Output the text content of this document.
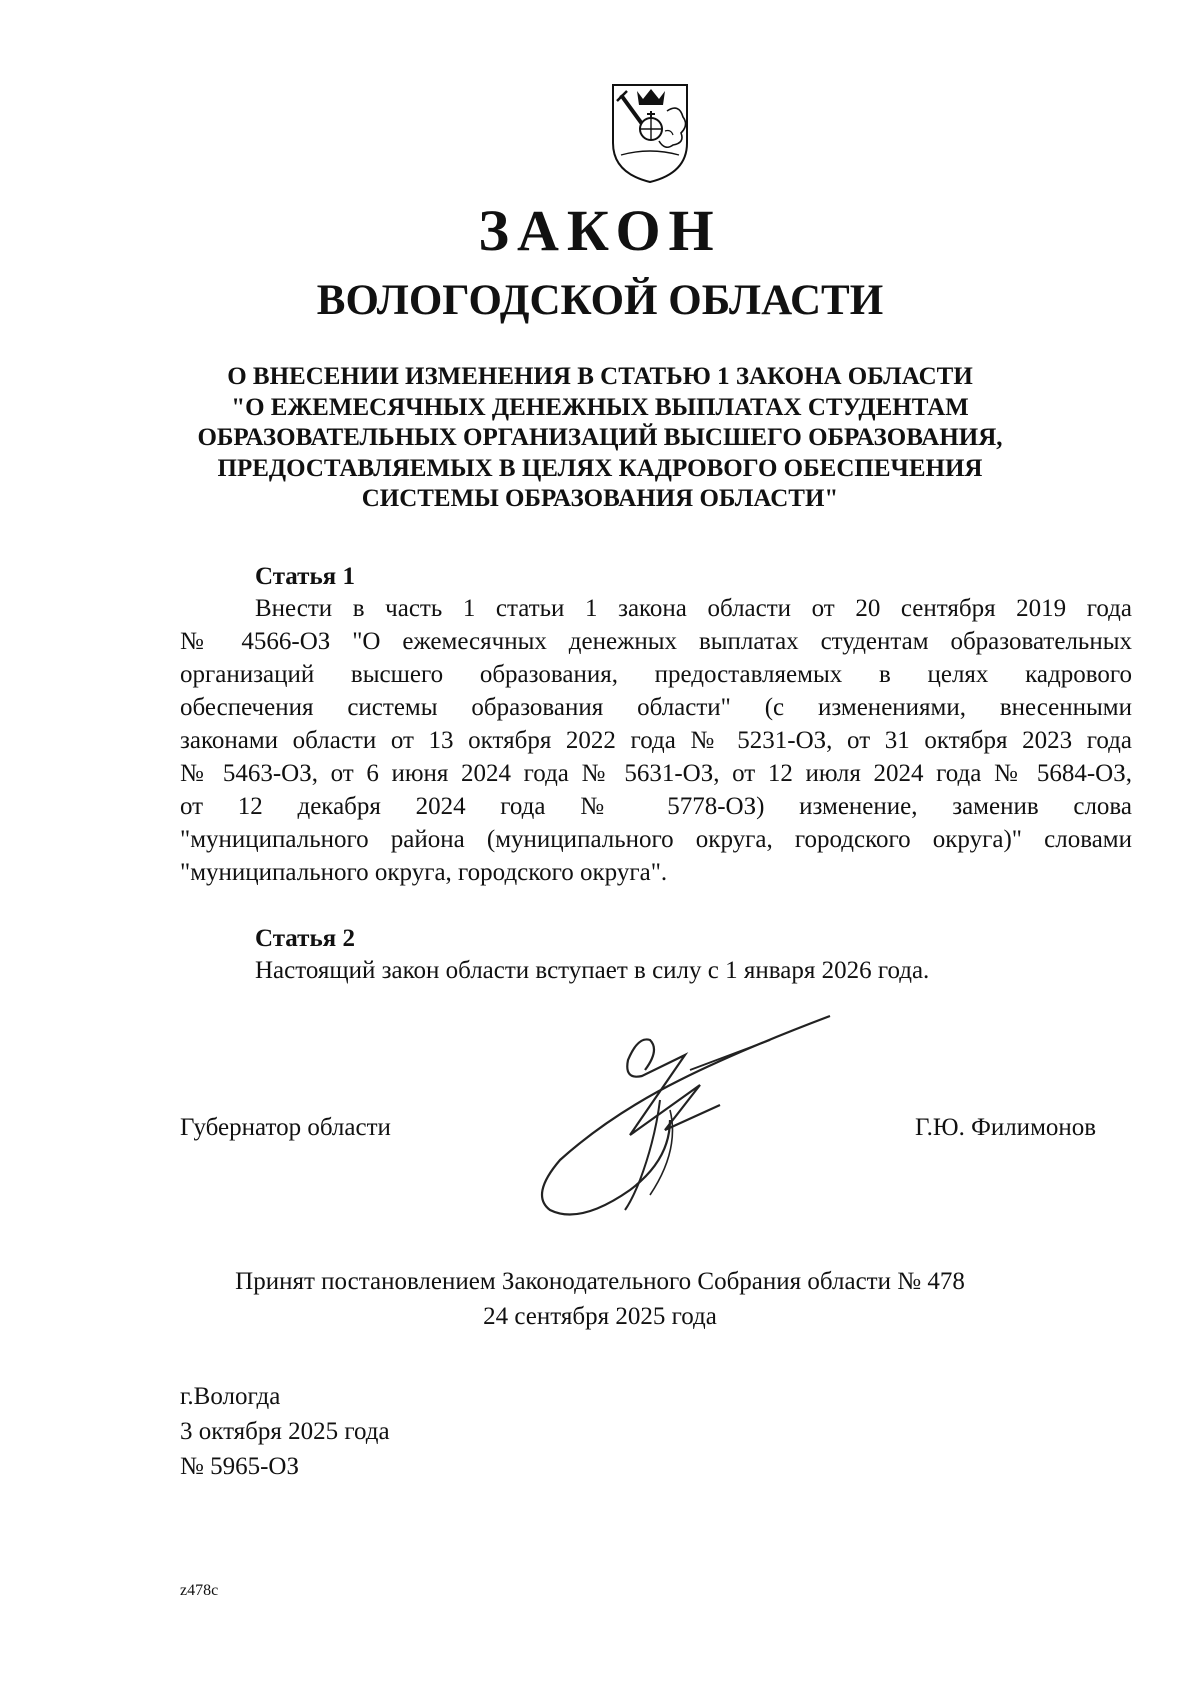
ЗАКОН
ВОЛОГОДСКОЙ ОБЛАСТИ
О ВНЕСЕНИИ ИЗМЕНЕНИЯ В СТАТЬЮ 1 ЗАКОНА ОБЛАСТИ
"О ЕЖЕМЕСЯЧНЫХ ДЕНЕЖНЫХ ВЫПЛАТАХ СТУДЕНТАМ
ОБРАЗОВАТЕЛЬНЫХ ОРГАНИЗАЦИЙ ВЫСШЕГО ОБРАЗОВАНИЯ,
ПРЕДОСТАВЛЯЕМЫХ В ЦЕЛЯХ КАДРОВОГО ОБЕСПЕЧЕНИЯ
СИСТЕМЫ ОБРАЗОВАНИЯ ОБЛАСТИ"
Статья 1
Внести в часть 1 статьи 1 закона области от 20 сентября 2019 года
№ 4566-ОЗ "О ежемесячных денежных выплатах студентам образовательных
организаций высшего образования, предоставляемых в целях кадрового
обеспечения системы образования области" (с изменениями, внесенными
законами области от 13 октября 2022 года № 5231-ОЗ, от 31 октября 2023 года
№ 5463-ОЗ, от 6 июня 2024 года № 5631-ОЗ, от 12 июля 2024 года № 5684-ОЗ,
от 12 декабря 2024 года № 5778-ОЗ) изменение, заменив слова
"муниципального района (муниципального округа, городского округа)" словами
"муниципального округа, городского округа".
Статья 2
Настоящий закон области вступает в силу с 1 января 2026 года.
Губернатор области	Г.Ю. Филимонов
Принят постановлением Законодательного Собрания области № 478
24 сентября 2025 года
г.Вологда
3 октября 2025 года
№ 5965-ОЗ
z478c
